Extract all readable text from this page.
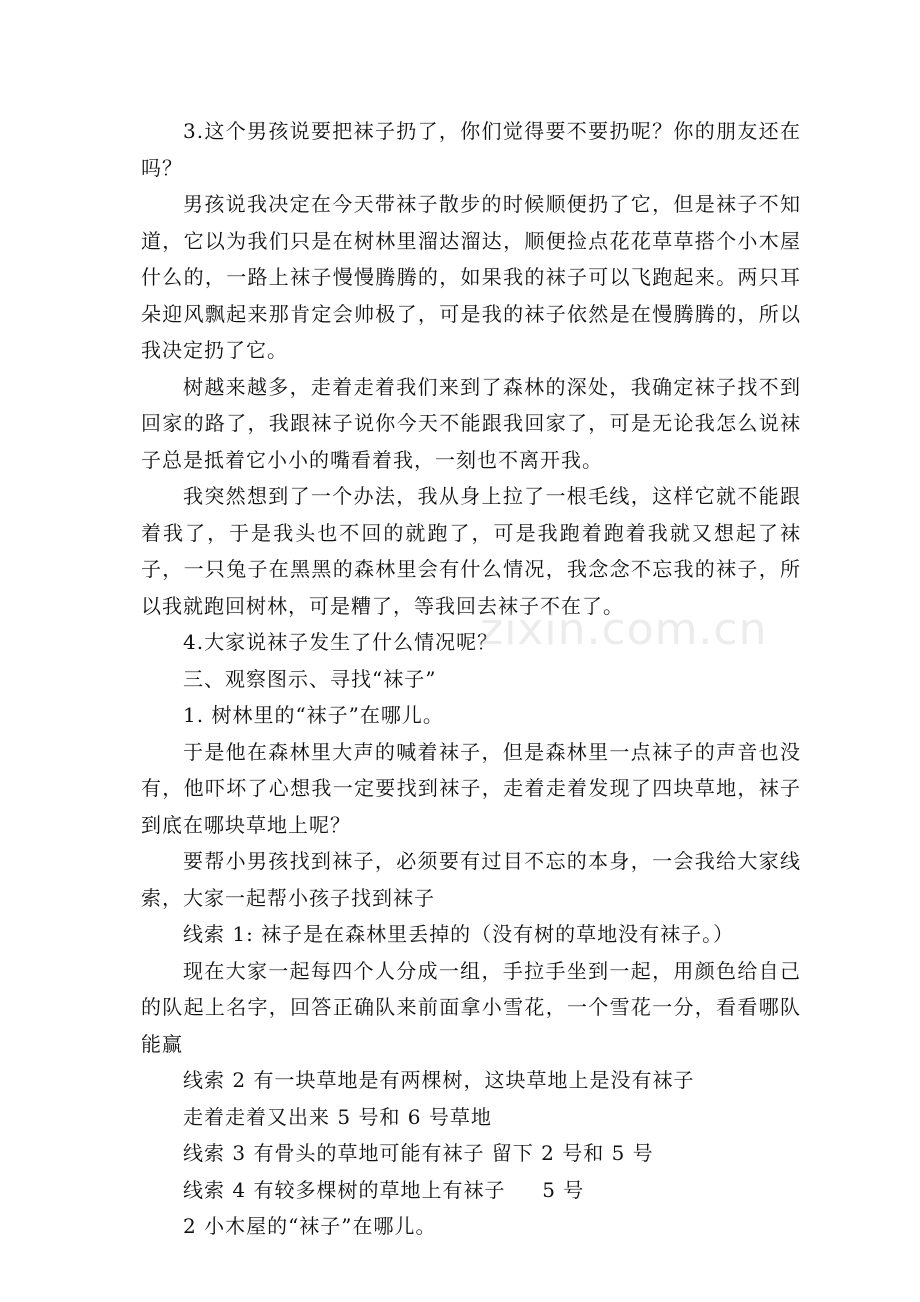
3.这个男孩说要把袜子扔了，你们觉得要不要扔呢？你的朋友还在吗？

男孩说我决定在今天带袜子散步的时候顺便扔了它，但是袜子不知道，它以为我们只是在树林里溜达溜达，顺便捡点花花草草搭个小木屋什么的，一路上袜子慢慢腾腾的，如果我的袜子可以飞跑起来。两只耳朵迎风飘起来那肯定会帅极了，可是我的袜子依然是在慢腾腾的，所以我决定扔了它。

树越来越多，走着走着我们来到了森林的深处，我确定袜子找不到回家的路了，我跟袜子说你今天不能跟我回家了，可是无论我怎么说袜子总是抵着它小小的嘴看着我，一刻也不离开我。

我突然想到了一个办法，我从身上拉了一根毛线，这样它就不能跟着我了，于是我头也不回的就跑了，可是我跑着跑着我就又想起了袜子，一只兔子在黑黑的森林里会有什么情况，我念念不忘我的袜子，所以我就跑回树林，可是糟了，等我回去袜子不在了。

4.大家说袜子发生了什么情况呢？

三、观察图示、寻找“袜子”

1. 树林里的“袜子”在哪儿。

于是他在森林里大声的喊着袜子，但是森林里一点袜子的声音也没有，他吓坏了心想我一定要找到袜子，走着走着发现了四块草地，袜子到底在哪块草地上呢？

要帮小男孩找到袜子，必须要有过目不忘的本身，一会我给大家线索，大家一起帮小孩子找到袜子

线索 1: 袜子是在森林里丢掉的（没有树的草地没有袜子。）

现在大家一起每四个人分成一组，手拉手坐到一起，用颜色给自己的队起上名字，回答正确队来前面拿小雪花，一个雪花一分，看看哪队能赢

线索 2 有一块草地是有两棵树，这块草地上是没有袜子

走着走着又出来 5 号和 6 号草地

线索 3 有骨头的草地可能有袜子 留下 2 号和 5 号

线索 4 有较多棵树的草地上有袜子     5 号

2 小木屋的“袜子”在哪儿。

zixin.com.cn
